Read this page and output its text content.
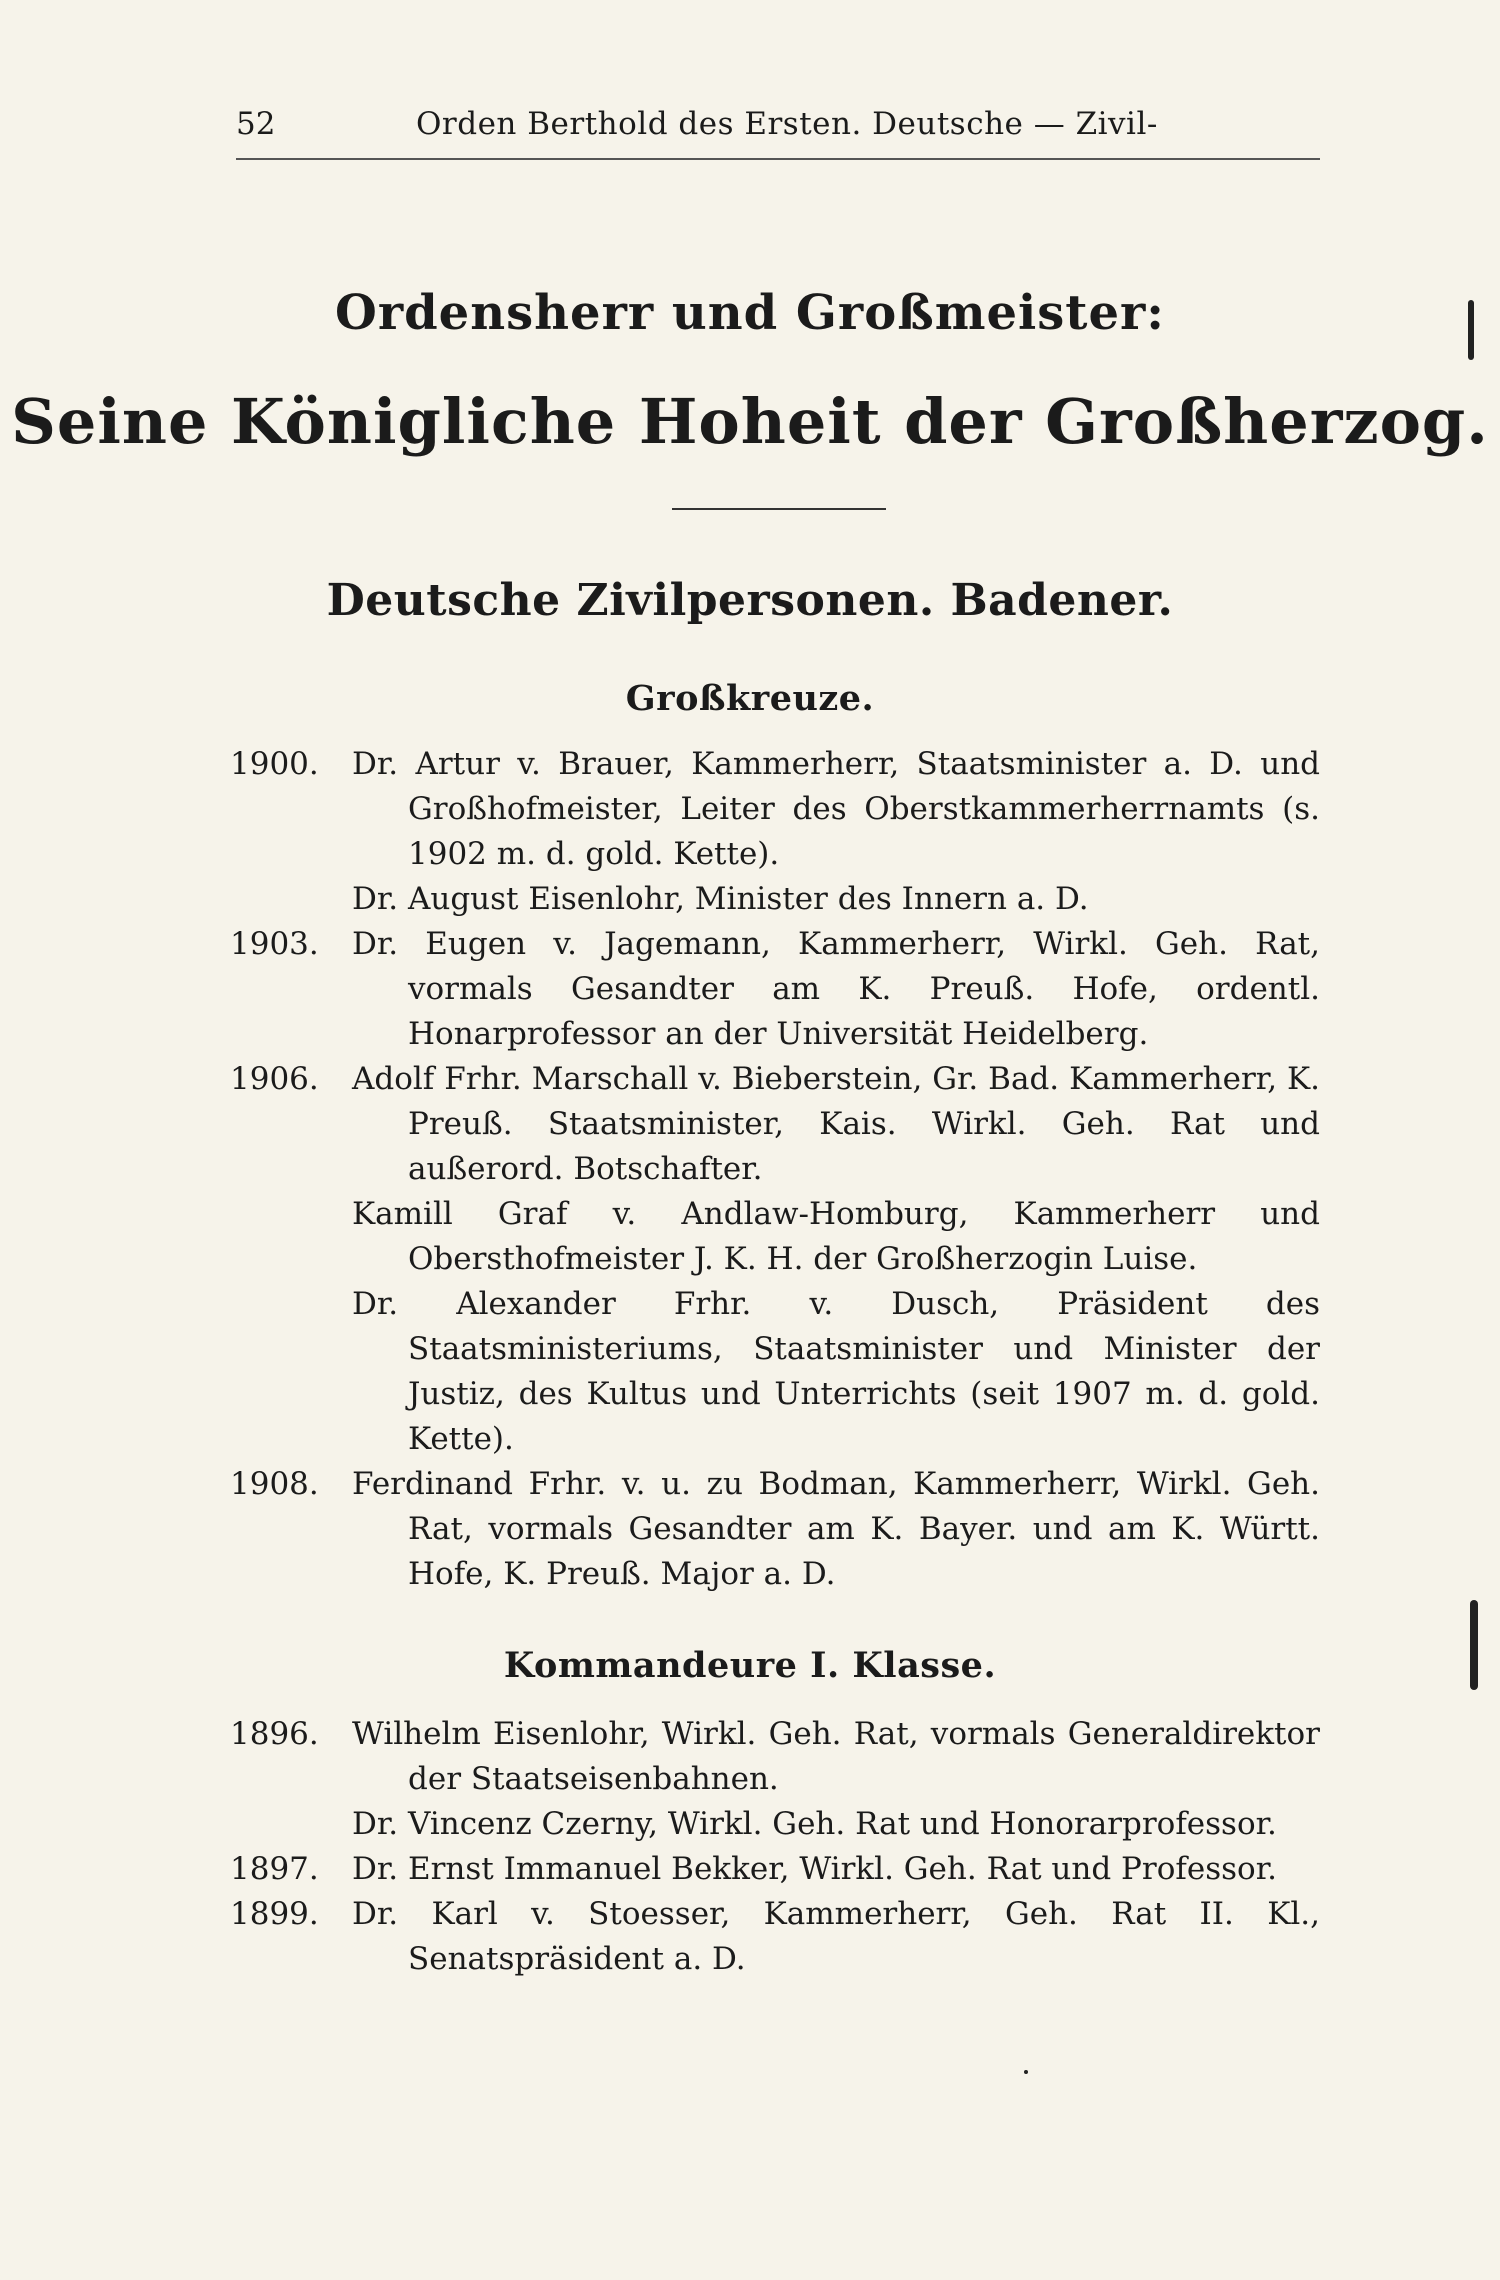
52	Orden Berthold des Ersten. Deutsche — Zivil-
Ordensherr und Großmeister:
Seine Königliche Hoheit der Großherzog.
Deutsche Zivilpersonen. Badener.
Großkreuze.
1900.	Dr. Artur v. Brauer, Kammerherr, Staatsminister a. D. und Großhofmeister, Leiter des Oberstkammerherrnamts (s. 1902 m. d. gold. Kette).
Dr. August Eisenlohr, Minister des Innern a. D.
1903.	Dr. Eugen v. Jagemann, Kammerherr, Wirkl. Geh. Rat, vormals Gesandter am K. Preuß. Hofe, ordentl. Honarprofessor an der Universität Heidelberg.
1906.	Adolf Frhr. Marschall v. Bieberstein, Gr. Bad. Kammerherr, K. Preuß. Staatsminister, Kais. Wirkl. Geh. Rat und außerord. Botschafter.
Kamill Graf v. Andlaw-Homburg, Kammerherr und Obersthofmeister J. K. H. der Großherzogin Luise.
Dr. Alexander Frhr. v. Dusch, Präsident des Staatsministeriums, Staatsminister und Minister der Justiz, des Kultus und Unterrichts (seit 1907 m. d. gold. Kette).
1908.	Ferdinand Frhr. v. u. zu Bodman, Kammerherr, Wirkl. Geh. Rat, vormals Gesandter am K. Bayer. und am K. Württ. Hofe, K. Preuß. Major a. D.
Kommandeure I. Klasse.
1896.	Wilhelm Eisenlohr, Wirkl. Geh. Rat, vormals Generaldirektor der Staatseisenbahnen.
Dr. Vincenz Czerny, Wirkl. Geh. Rat und Honorarprofessor.
1897.	Dr. Ernst Immanuel Bekker, Wirkl. Geh. Rat und Professor.
1899.	Dr. Karl v. Stoesser, Kammerherr, Geh. Rat II. Kl., Senatspräsident a. D.
